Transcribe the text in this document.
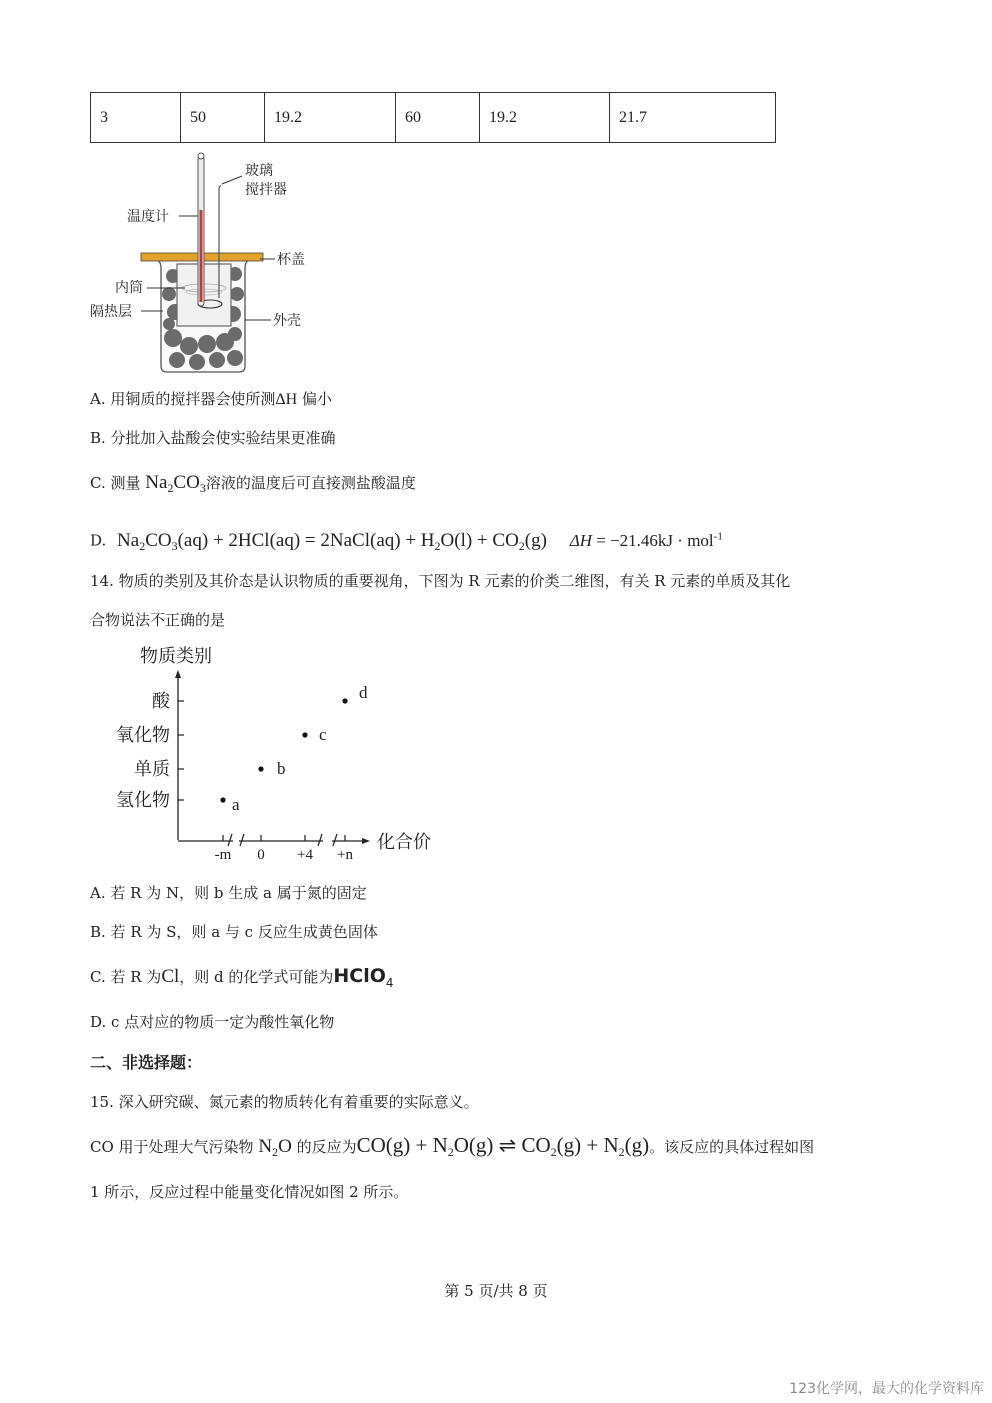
3	50	19.2	60	19.2	21.7
玻璃
搅拌器
温度计
杯盖
内筒
隔热层
外壳
A. 用铜质的搅拌器会使所测ΔH 偏小
B. 分批加入盐酸会使实验结果更准确
C. 测量 $Na_2CO_3$溶液的温度后可直接测盐酸温度
D. $Na_2CO_3(aq) + 2HCl(aq)$ = 2NaCl(aq) + $H_2O(l) + CO_2(g) \Delta H = -21.46kJ \cdot mol^{-1}$
14. 物质的类别及其价态是认识物质的重要视角，下图为 R 元素的价类二维图，有关 R 元素的单质及其化
合物说法不正确的是
物质类别
化合价
氢化物
单质
氧化物
酸
-m 0 +4 +n
a
b
c
d
A. 若 R 为 N，则 b 生成 a 属于氮的固定
B. 若 R 为 S，则 a 与 c 反应生成黄色固体
C. 若 R 为Cl，则 d 的化学式可能为HClO$_4$
D. c 点对应的物质一定为酸性氧化物
二、非选择题：
15. 深入研究碳、氮元素的物质转化有着重要的实际意义。
CO 用于处理大气污染物 $N_2O$ 的反应为$CO(g) + N_2O(g)$ ⇌ $CO_2(g) + N_2(g)$。该反应的具体过程如图
1 所示，反应过程中能量变化情况如图 2 所示。
第 5 页/共 8 页
123化学网，最大的化学资料库
